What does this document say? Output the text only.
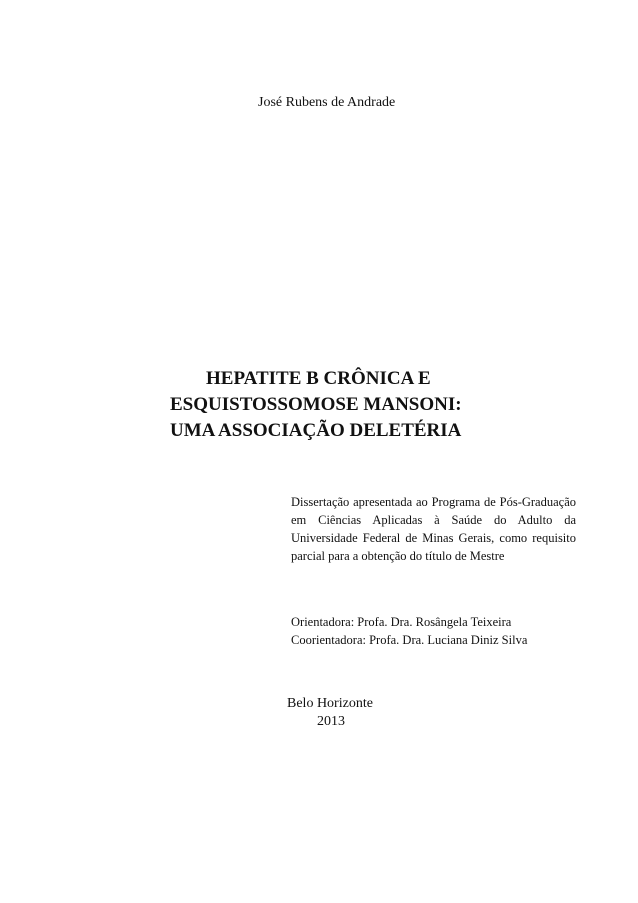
José Rubens de Andrade
HEPATITE B CRÔNICA E
ESQUISTOSSOMOSE MANSONI:
UMA ASSOCIAÇÃO DELETÉRIA

Dissertação apresentada ao Programa de Pós-Graduação em Ciências Aplicadas à Saúde do Adulto da Universidade Federal de Minas Gerais, como requisito parcial para a obtenção do título de Mestre

Orientadora: Profa. Dra. Rosângela Teixeira
Coorientadora: Profa. Dra. Luciana Diniz Silva
Belo Horizonte
2013
